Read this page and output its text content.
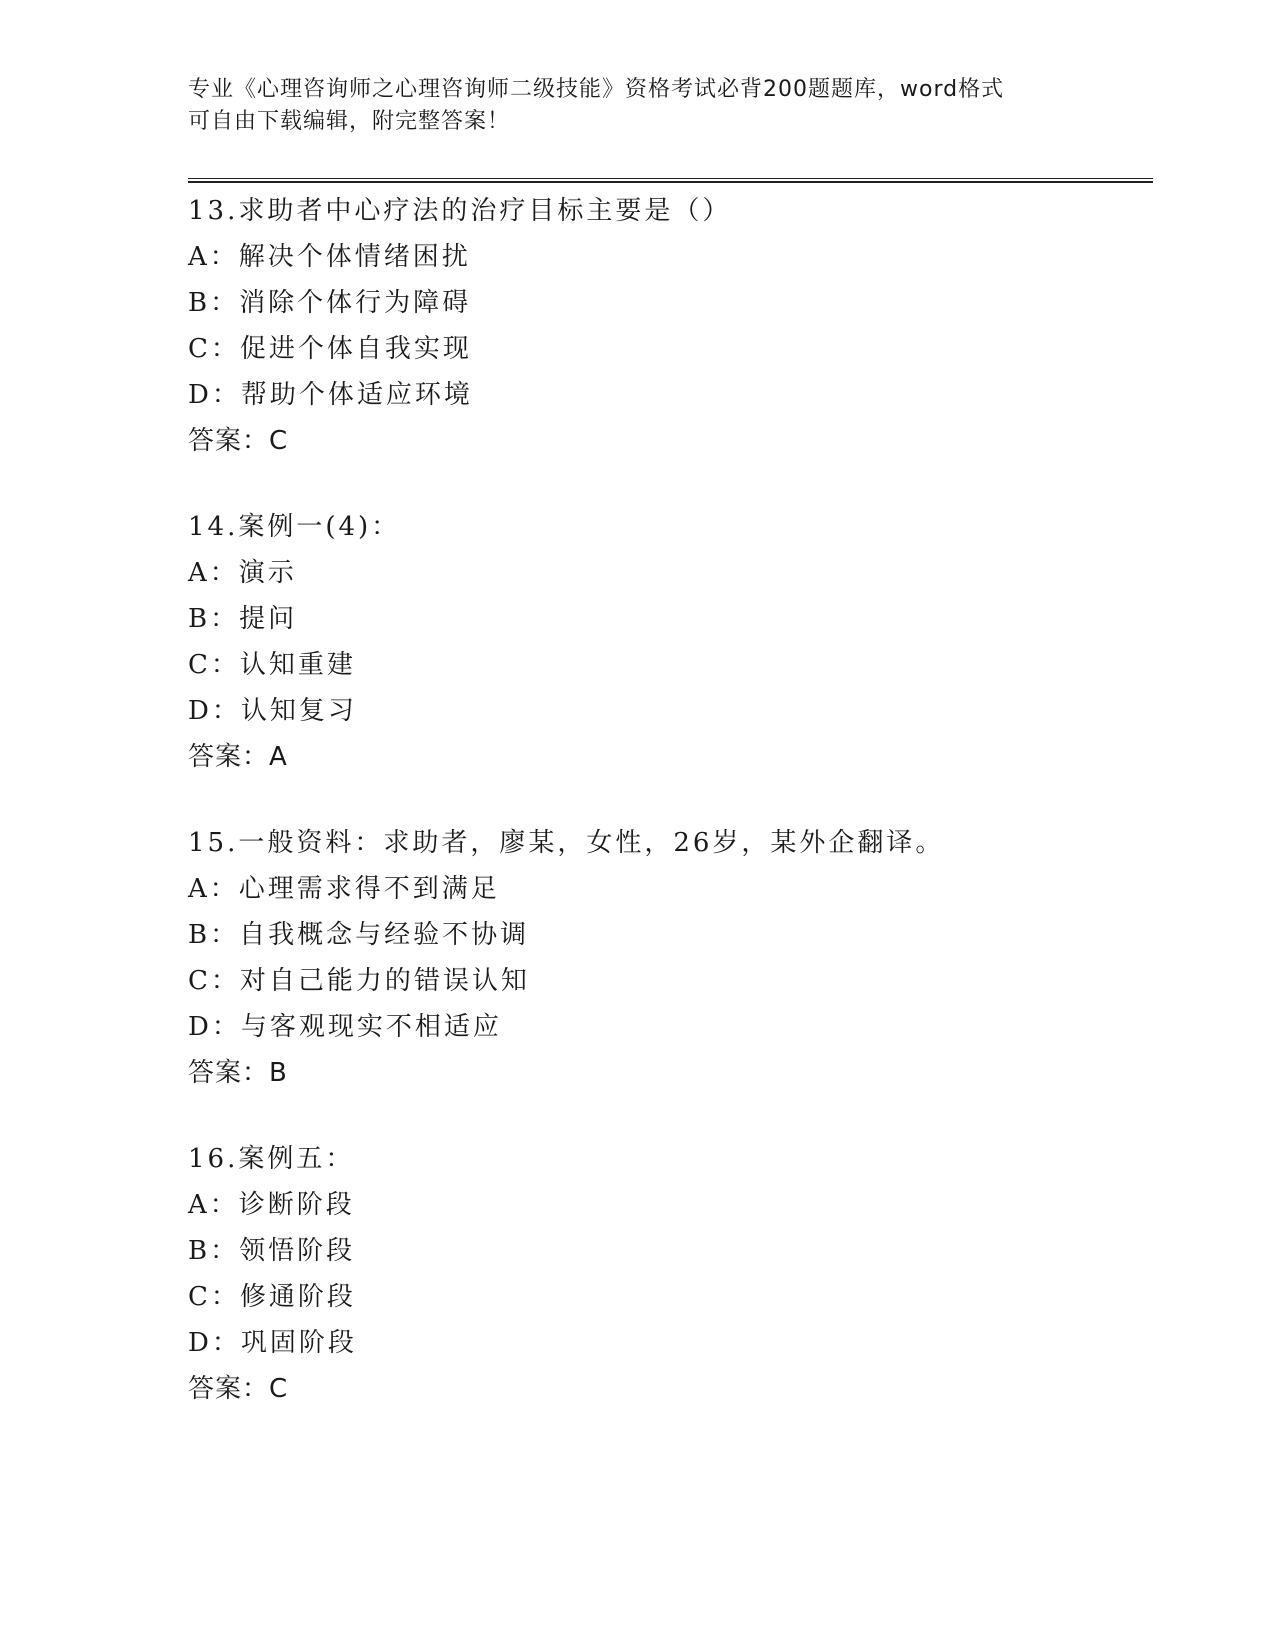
专业《心理咨询师之心理咨询师二级技能》资格考试必背200题题库，word格式
可自由下载编辑，附完整答案！
13.求助者中心疗法的治疗目标主要是（）
A：解决个体情绪困扰
B：消除个体行为障碍
C：促进个体自我实现
D：帮助个体适应环境
答案：C
14.案例一(4)：
A：演示
B：提问
C：认知重建
D：认知复习
答案：A
15.一般资料：求助者，廖某，女性，26岁，某外企翻译。
A：心理需求得不到满足
B：自我概念与经验不协调
C：对自己能力的错误认知
D：与客观现实不相适应
答案：B
16.案例五：
A：诊断阶段
B：领悟阶段
C：修通阶段
D：巩固阶段
答案：C
